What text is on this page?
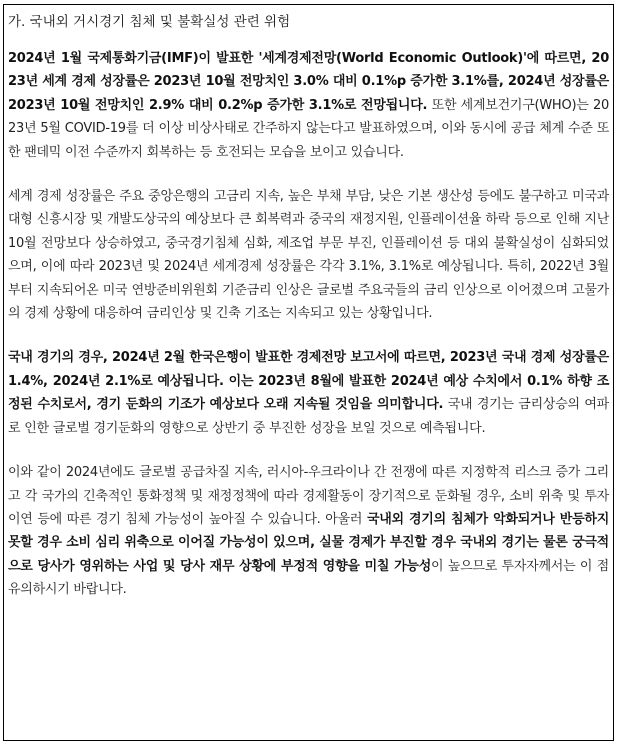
가. 국내외 거시경기 침체 및 불확실성 관련 위험

2024년 1월 국제통화기금(IMF)이 발표한 '세계경제전망(World Economic Outlook)'에 따르면, 2023년 세계 경제 성장률은 2023년 10월 전망치인 3.0% 대비 0.1%p 증가한 3.1%를, 2024년 성장률은 2023년 10월 전망치인 2.9% 대비 0.2%p 증가한 3.1%로 전망됩니다. 또한 세계보건기구(WHO)는 2023년 5월 COVID-19를 더 이상 비상사태로 간주하지 않는다고 발표하였으며, 이와 동시에 공급 체계 수준 또한 팬데믹 이전 수준까지 회복하는 등 호전되는 모습을 보이고 있습니다.

세계 경제 성장률은 주요 중앙은행의 고금리 지속, 높은 부채 부담, 낮은 기본 생산성 등에도 불구하고 미국과 대형 신흥시장 및 개발도상국의 예상보다 큰 회복력과 중국의 재정지원, 인플레이션율 하락 등으로 인해 지난 10월 전망보다 상승하였고, 중국경기침체 심화, 제조업 부문 부진, 인플레이션 등 대외 불확실성이 심화되었으며, 이에 따라 2023년 및 2024년 세계경제 성장률은 각각 3.1%, 3.1%로 예상됩니다. 특히, 2022년 3월부터 지속되어온 미국 연방준비위원회 기준금리 인상은 글로벌 주요국들의 금리 인상으로 이어졌으며 고물가의 경제 상황에 대응하여 금리인상 및 긴축 기조는 지속되고 있는 상황입니다.

국내 경기의 경우, 2024년 2월 한국은행이 발표한 경제전망 보고서에 따르면, 2023년 국내 경제 성장률은 1.4%, 2024년 2.1%로 예상됩니다. 이는 2023년 8월에 발표한 2024년 예상 수치에서 0.1% 하향 조정된 수치로서, 경기 둔화의 기조가 예상보다 오래 지속될 것임을 의미합니다. 국내 경기는 금리상승의 여파로 인한 글로벌 경기둔화의 영향으로 상반기 중 부진한 성장을 보일 것으로 예측됩니다.

이와 같이 2024년에도 글로벌 공급차질 지속, 러시아-우크라이나 간 전쟁에 따른 지정학적 리스크 증가 그리고 각 국가의 긴축적인 통화정책 및 재정정책에 따라 경제활동이 장기적으로 둔화될 경우, 소비 위축 및 투자 이연 등에 따른 경기 침체 가능성이 높아질 수 있습니다. 아울러 국내외 경기의 침체가 악화되거나 반등하지 못할 경우 소비 심리 위축으로 이어질 가능성이 있으며, 실물 경제가 부진할 경우 국내외 경기는 물론 궁극적으로 당사가 영위하는 사업 및 당사 재무 상황에 부정적 영향을 미칠 가능성이 높으므로 투자자께서는 이 점 유의하시기 바랍니다.
